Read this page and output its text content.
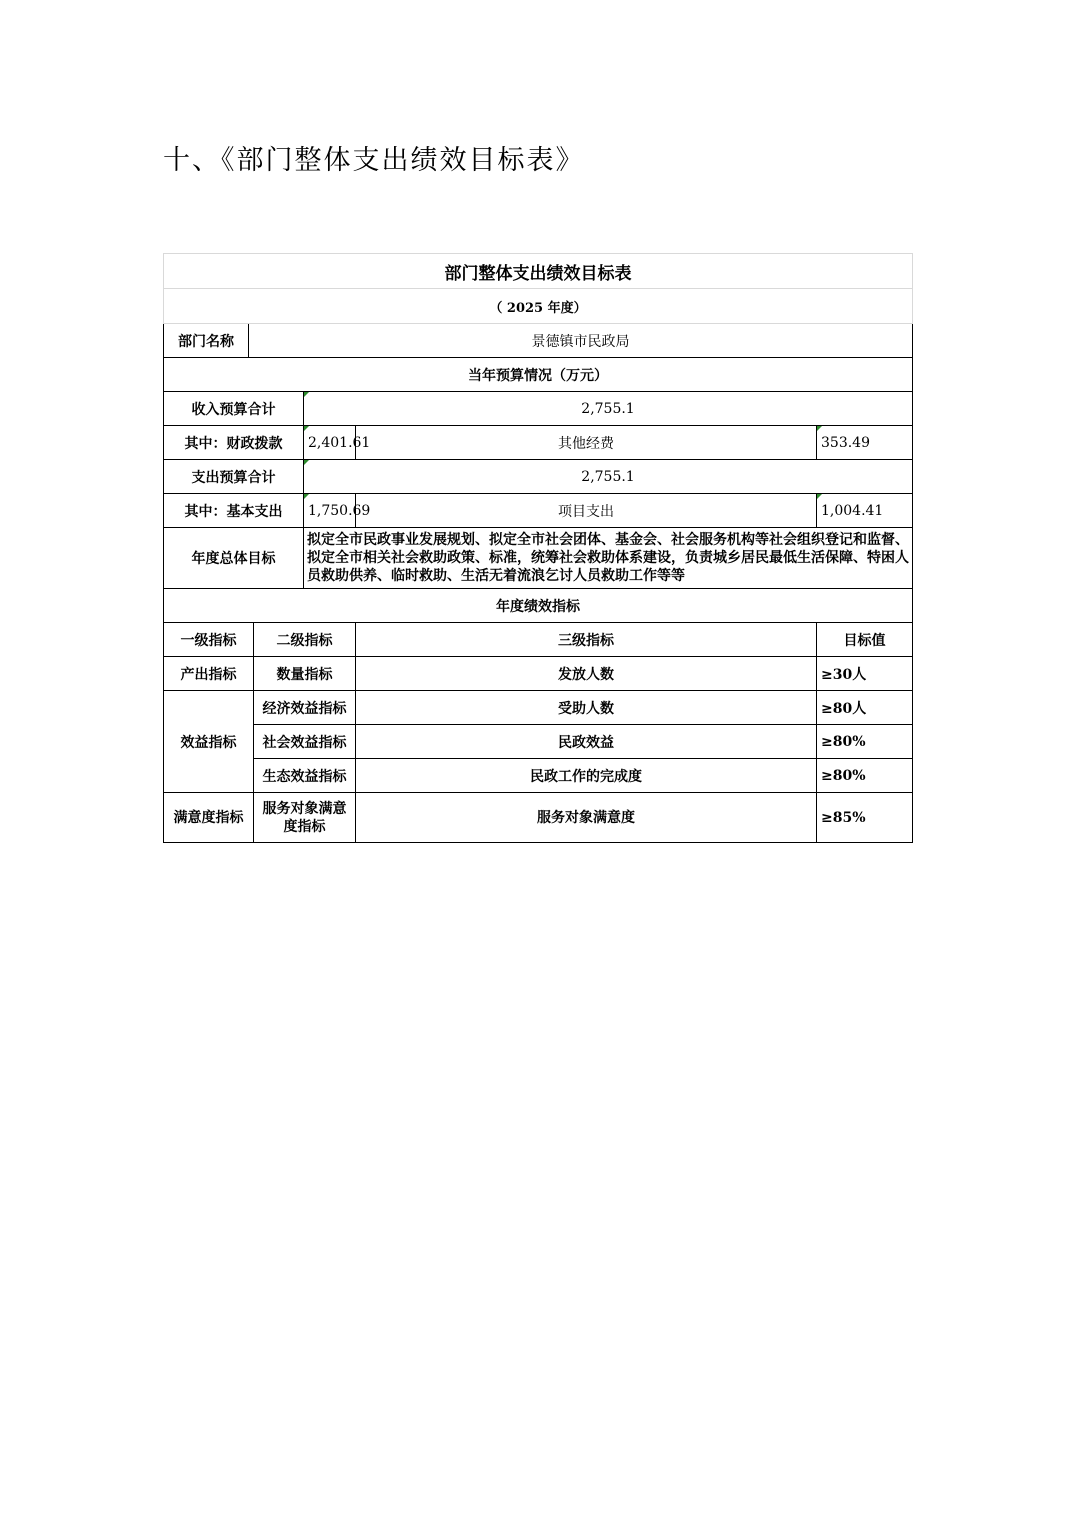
十、《部门整体支出绩效目标表》
部门整体支出绩效目标表					
（ 2025 年度）					
部门名称	景德镇市民政局				
当年预算情况（万元）					
收入预算合计			2,755.1		
其中：财政拨款			2,401.61	其他经费	353.49
支出预算合计			2,755.1		
其中：基本支出			1,750.69	项目支出	1,004.41
年度总体目标			拟定全市民政事业发展规划、拟定全市社会团体、基金会、社会服务机构等社会组织登记和监督、拟定全市相关社会救助政策、标准，统筹社会救助体系建设，负责城乡居民最低生活保障、特困人员救助供养、临时救助、生活无着流浪乞讨人员救助工作等等		
年度绩效指标					
一级指标		二级指标		三级指标	目标值
产出指标		数量指标		发放人数	≥30人
效益指标		经济效益指标		受助人数	≥80人
		社会效益指标		民政效益	≥80%
		生态效益指标		民政工作的完成度	≥80%
满意度指标		服务对象满意度指标		服务对象满意度	≥85%
